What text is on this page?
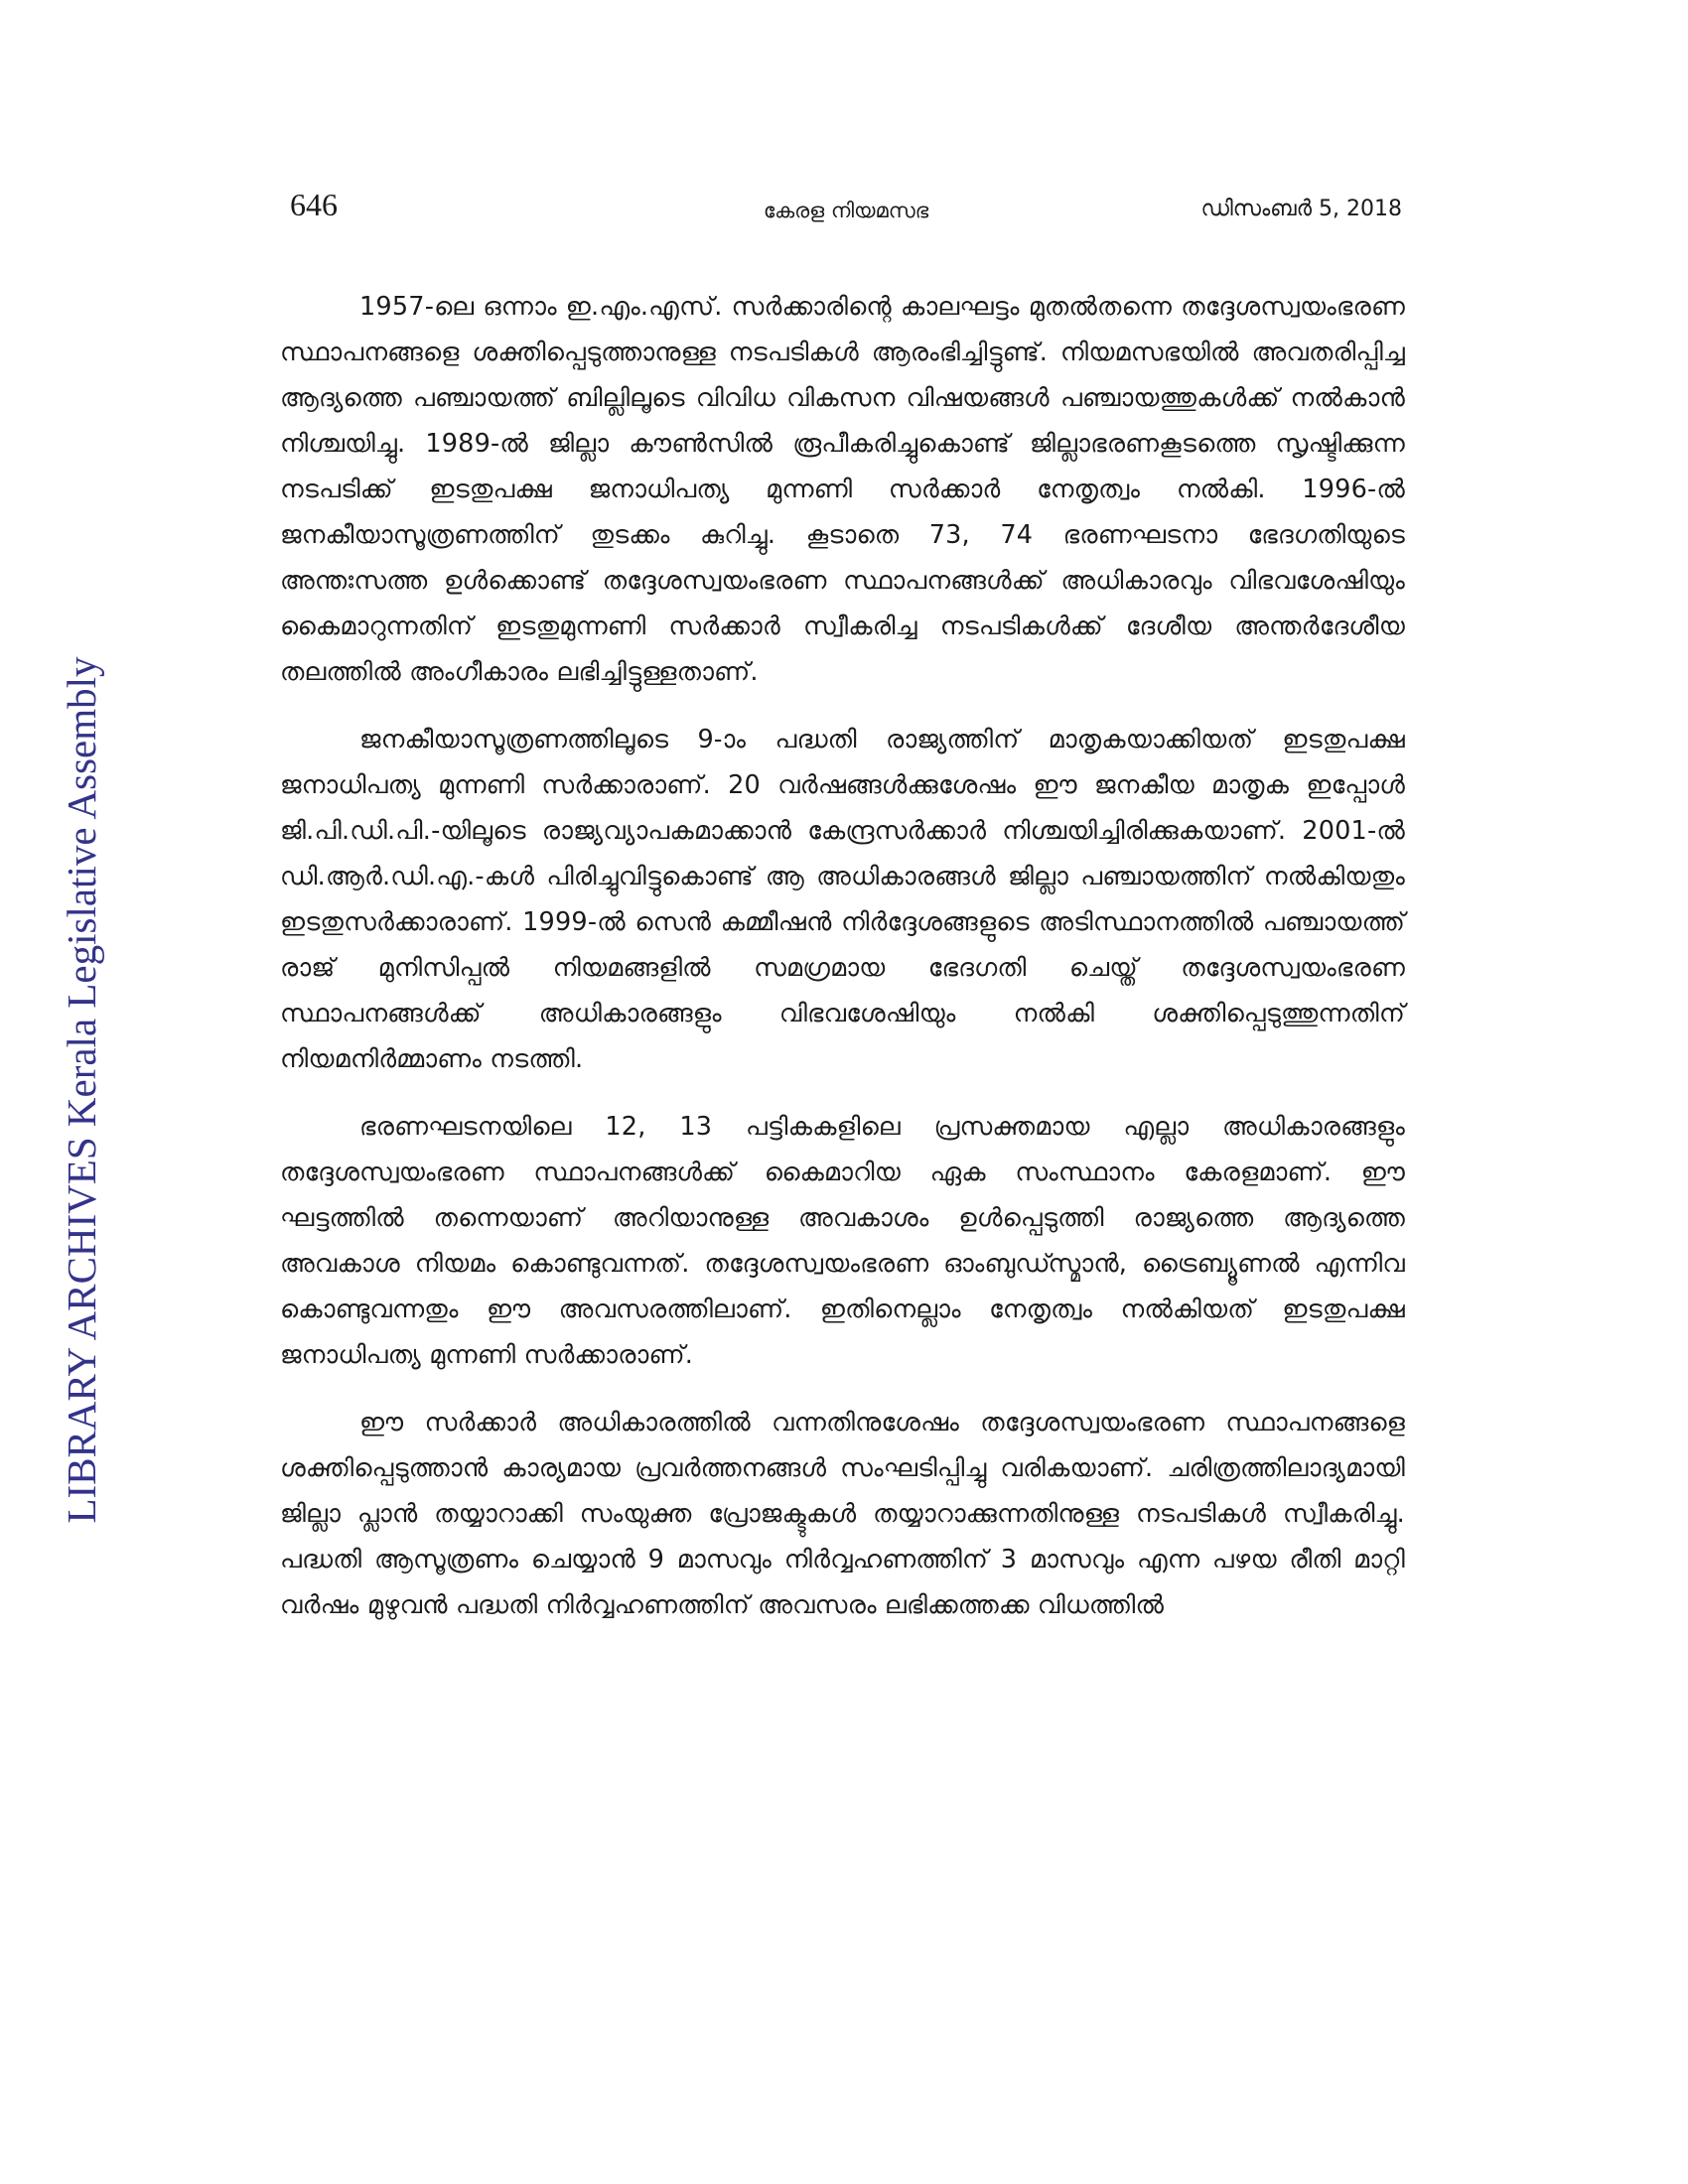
LIBRARY ARCHIVES Kerala Legislative Assembly
646	കേരള നിയമസഭ	ഡിസംബർ 5, 2018

1957-ലെ ഒന്നാം ഇ.എം.എസ്. സർക്കാരിന്റെ കാലഘട്ടം മുതൽതന്നെ തദ്ദേശസ്വയംഭരണ സ്ഥാപനങ്ങളെ ശക്തിപ്പെടുത്താനുള്ള നടപടികൾ ആരംഭിച്ചിട്ടുണ്ട്. നിയമസഭയിൽ അവതരിപ്പിച്ച ആദ്യത്തെ പഞ്ചായത്ത് ബില്ലിലൂടെ വിവിധ വികസന വിഷയങ്ങൾ പഞ്ചായത്തുകൾക്ക് നൽകാൻ നിശ്ചയിച്ചു. 1989-ൽ ജില്ലാ കൗൺസിൽ രൂപീകരിച്ചുകൊണ്ട് ജില്ലാഭരണകൂടത്തെ സൃഷ്ടിക്കുന്ന നടപടിക്ക് ഇടതുപക്ഷ ജനാധിപത്യ മുന്നണി സർക്കാർ നേതൃത്വം നൽകി. 1996-ൽ ജനകീയാസൂത്രണത്തിന് തുടക്കം കുറിച്ചു. കൂടാതെ 73, 74 ഭരണഘടനാ ഭേദഗതിയുടെ അന്തഃസത്ത ഉൾക്കൊണ്ട് തദ്ദേശസ്വയംഭരണ സ്ഥാപനങ്ങൾക്ക് അധികാരവും വിഭവശേഷിയും കൈമാറുന്നതിന് ഇടതുമുന്നണി സർക്കാർ സ്വീകരിച്ച നടപടികൾക്ക് ദേശീയ അന്തർദേശീയ തലത്തിൽ അംഗീകാരം ലഭിച്ചിട്ടുള്ളതാണ്.

ജനകീയാസൂത്രണത്തിലൂടെ 9-ാം പദ്ധതി രാജ്യത്തിന് മാതൃകയാക്കിയത് ഇടതുപക്ഷ ജനാധിപത്യ മുന്നണി സർക്കാരാണ്. 20 വർഷങ്ങൾക്കുശേഷം ഈ ജനകീയ മാതൃക ഇപ്പോൾ ജി.പി.ഡി.പി.-യിലൂടെ രാജ്യവ്യാപകമാക്കാൻ കേന്ദ്രസർക്കാർ നിശ്ചയിച്ചിരിക്കുകയാണ്. 2001-ൽ ഡി.ആർ.ഡി.എ.-കൾ പിരിച്ചുവിട്ടുകൊണ്ട് ആ അധികാരങ്ങൾ ജില്ലാ പഞ്ചായത്തിന് നൽകിയതും ഇടതുസർക്കാരാണ്. 1999-ൽ സെൻ കമ്മീഷൻ നിർദ്ദേശങ്ങളുടെ അടിസ്ഥാനത്തിൽ പഞ്ചായത്ത് രാജ് മുനിസിപ്പൽ നിയമങ്ങളിൽ സമഗ്രമായ ഭേദഗതി ചെയ്ത് തദ്ദേശസ്വയംഭരണ സ്ഥാപനങ്ങൾക്ക് അധികാരങ്ങളും വിഭവശേഷിയും നൽകി ശക്തിപ്പെടുത്തുന്നതിന് നിയമനിർമ്മാണം നടത്തി.

ഭരണഘടനയിലെ 12, 13 പട്ടികകളിലെ പ്രസക്തമായ എല്ലാ അധികാരങ്ങളും തദ്ദേശസ്വയംഭരണ സ്ഥാപനങ്ങൾക്ക് കൈമാറിയ ഏക സംസ്ഥാനം കേരളമാണ്. ഈ ഘട്ടത്തിൽ തന്നെയാണ് അറിയാനുള്ള അവകാശം ഉൾപ്പെടുത്തി രാജ്യത്തെ ആദ്യത്തെ അവകാശ നിയമം കൊണ്ടുവന്നത്. തദ്ദേശസ്വയംഭരണ ഓംബുഡ്സ്മാൻ, ട്രൈബ്യൂണൽ എന്നിവ കൊണ്ടുവന്നതും ഈ അവസരത്തിലാണ്. ഇതിനെല്ലാം നേതൃത്വം നൽകിയത് ഇടതുപക്ഷ ജനാധിപത്യ മുന്നണി സർക്കാരാണ്.

ഈ സർക്കാർ അധികാരത്തിൽ വന്നതിനുശേഷം തദ്ദേശസ്വയംഭരണ സ്ഥാപനങ്ങളെ ശക്തിപ്പെടുത്താൻ കാര്യമായ പ്രവർത്തനങ്ങൾ സംഘടിപ്പിച്ചു വരികയാണ്. ചരിത്രത്തിലാദ്യമായി ജില്ലാ പ്ലാൻ തയ്യാറാക്കി സംയുക്ത പ്രോജക്ടുകൾ തയ്യാറാക്കുന്നതിനുള്ള നടപടികൾ സ്വീകരിച്ചു. പദ്ധതി ആസൂത്രണം ചെയ്യാൻ 9 മാസവും നിർവ്വഹണത്തിന് 3 മാസവും എന്ന പഴയ രീതി മാറ്റി വർഷം മുഴുവൻ പദ്ധതി നിർവ്വഹണത്തിന് അവസരം ലഭിക്കത്തക്ക വിധത്തിൽ
